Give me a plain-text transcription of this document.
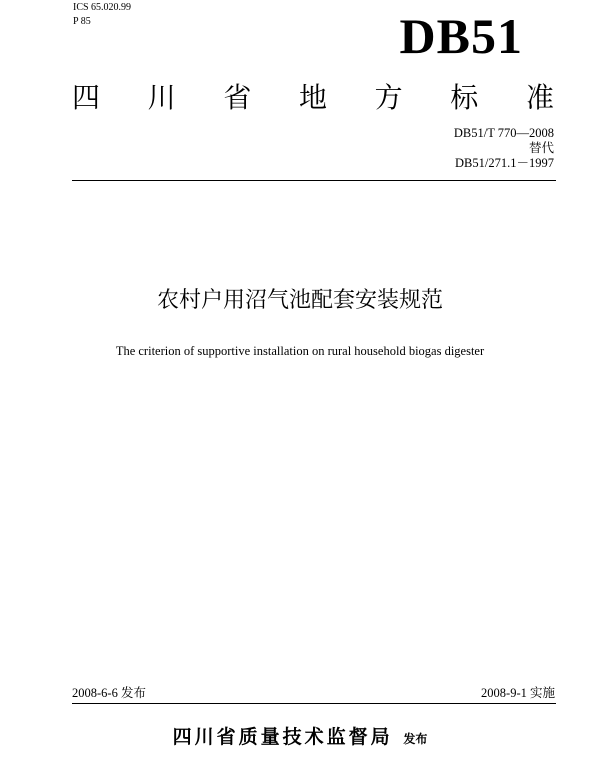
ICS 65.020.99
P 85	DB51
四 川 省 地 方 标 准
DB51/T 770—2008
替代
DB51/271.1－1997
农村户用沼气池配套安装规范
The criterion of supportive installation on rural household biogas digester
2008-6-6 发布	2008-9-1 实施
四川省质量技术监督局 发布
